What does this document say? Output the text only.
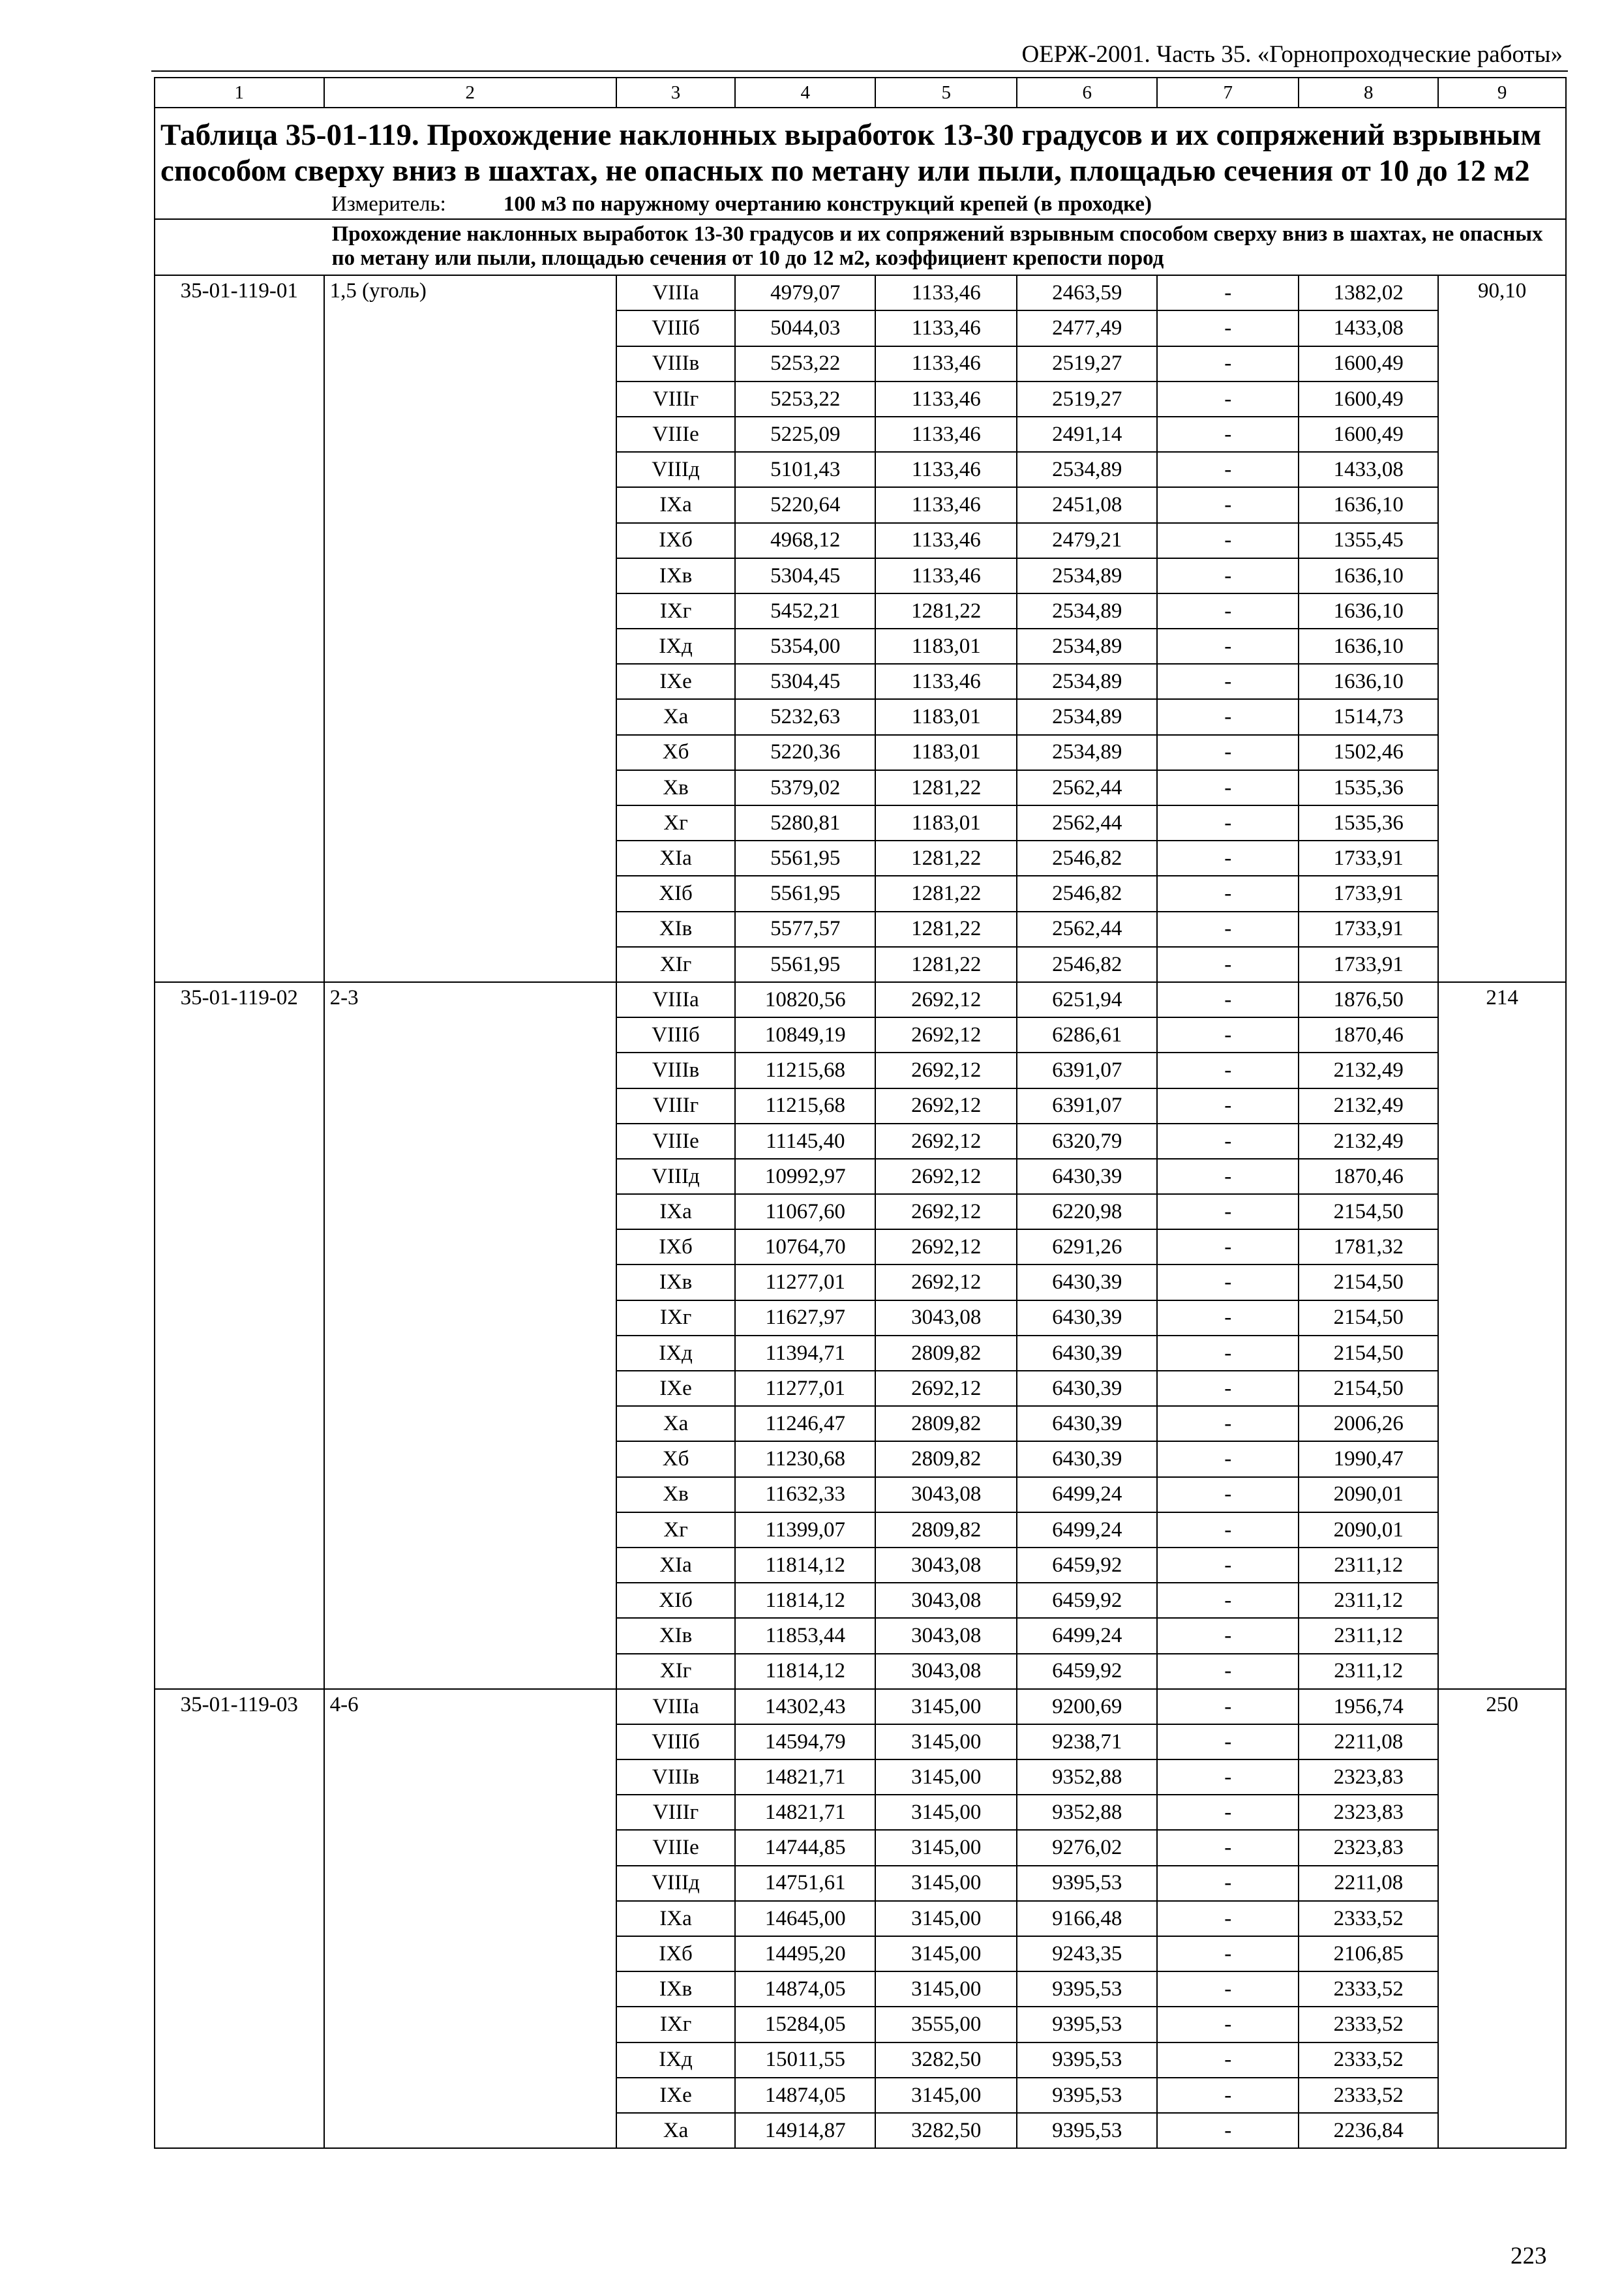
ОЕРЖ-2001. Часть 35. «Горнопроходческие работы»
1	2	3	4	5	6	7	8	9

Таблица 35-01-119. Прохождение наклонных выработок 13-30 градусов и их сопряжений взрывным способом сверху вниз в шахтах, не опасных по метану или пыли, площадью сечения от 10 до 12 м2
Измеритель: 100 м3 по наружному очертанию конструкций крепей (в проходке)								

	Прохождение наклонных выработок 13-30 градусов и их сопряжений взрывным способом сверху вниз в шахтах, не опасных по метану или пыли, площадью сечения от 10 до 12 м2, коэффициент крепости пород							
35-01-119-01	1,5 (уголь)	VIIIа	4979,07	1133,46	2463,59	-	1382,02	90,10
		VIIIб	5044,03	1133,46	2477,49	-	1433,08	
		VIIIв	5253,22	1133,46	2519,27	-	1600,49	
		VIIIг	5253,22	1133,46	2519,27	-	1600,49	
		VIIIе	5225,09	1133,46	2491,14	-	1600,49	
		VIIIд	5101,43	1133,46	2534,89	-	1433,08	
		IXа	5220,64	1133,46	2451,08	-	1636,10	
		IXб	4968,12	1133,46	2479,21	-	1355,45	
		IXв	5304,45	1133,46	2534,89	-	1636,10	
		IXг	5452,21	1281,22	2534,89	-	1636,10	
		IXд	5354,00	1183,01	2534,89	-	1636,10	
		IXе	5304,45	1133,46	2534,89	-	1636,10	
		Xа	5232,63	1183,01	2534,89	-	1514,73	
		Xб	5220,36	1183,01	2534,89	-	1502,46	
		Xв	5379,02	1281,22	2562,44	-	1535,36	
		Xг	5280,81	1183,01	2562,44	-	1535,36	
		XIа	5561,95	1281,22	2546,82	-	1733,91	
		XIб	5561,95	1281,22	2546,82	-	1733,91	
		XIв	5577,57	1281,22	2562,44	-	1733,91	
		XIг	5561,95	1281,22	2546,82	-	1733,91	
35-01-119-02	2-3	VIIIа	10820,56	2692,12	6251,94	-	1876,50	214
		VIIIб	10849,19	2692,12	6286,61	-	1870,46	
		VIIIв	11215,68	2692,12	6391,07	-	2132,49	
		VIIIг	11215,68	2692,12	6391,07	-	2132,49	
		VIIIе	11145,40	2692,12	6320,79	-	2132,49	
		VIIIд	10992,97	2692,12	6430,39	-	1870,46	
		IXа	11067,60	2692,12	6220,98	-	2154,50	
		IXб	10764,70	2692,12	6291,26	-	1781,32	
		IXв	11277,01	2692,12	6430,39	-	2154,50	
		IXг	11627,97	3043,08	6430,39	-	2154,50	
		IXд	11394,71	2809,82	6430,39	-	2154,50	
		IXе	11277,01	2692,12	6430,39	-	2154,50	
		Xа	11246,47	2809,82	6430,39	-	2006,26	
		Xб	11230,68	2809,82	6430,39	-	1990,47	
		Xв	11632,33	3043,08	6499,24	-	2090,01	
		Xг	11399,07	2809,82	6499,24	-	2090,01	
		XIа	11814,12	3043,08	6459,92	-	2311,12	
		XIб	11814,12	3043,08	6459,92	-	2311,12	
		XIв	11853,44	3043,08	6499,24	-	2311,12	
		XIг	11814,12	3043,08	6459,92	-	2311,12	
35-01-119-03	4-6	VIIIа	14302,43	3145,00	9200,69	-	1956,74	250
		VIIIб	14594,79	3145,00	9238,71	-	2211,08	
		VIIIв	14821,71	3145,00	9352,88	-	2323,83	
		VIIIг	14821,71	3145,00	9352,88	-	2323,83	
		VIIIе	14744,85	3145,00	9276,02	-	2323,83	
		VIIIд	14751,61	3145,00	9395,53	-	2211,08	
		IXа	14645,00	3145,00	9166,48	-	2333,52	
		IXб	14495,20	3145,00	9243,35	-	2106,85	
		IXв	14874,05	3145,00	9395,53	-	2333,52	
		IXг	15284,05	3555,00	9395,53	-	2333,52	
		IXд	15011,55	3282,50	9395,53	-	2333,52	
		IXе	14874,05	3145,00	9395,53	-	2333,52	
		Xа	14914,87	3282,50	9395,53	-	2236,84	
223
